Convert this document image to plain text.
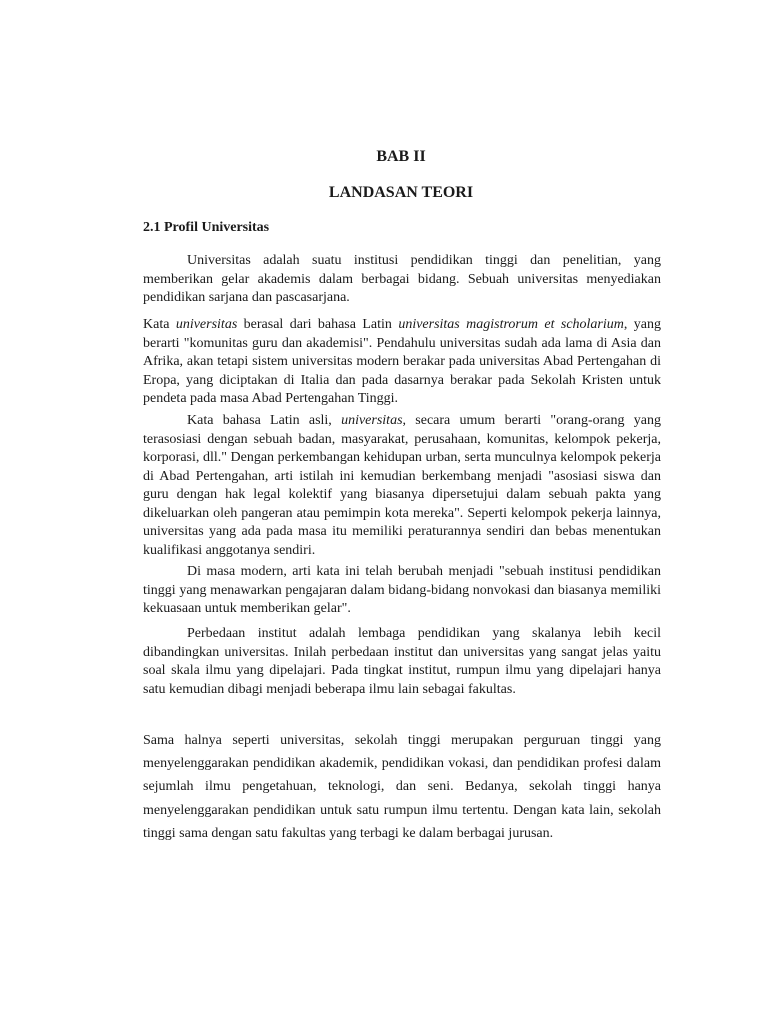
BAB II
LANDASAN TEORI
2.1 Profil Universitas

Universitas adalah suatu institusi pendidikan tinggi dan penelitian, yang memberikan gelar akademis dalam berbagai bidang. Sebuah universitas menyediakan pendidikan sarjana dan pascasarjana.

Kata universitas berasal dari bahasa Latin universitas magistrorum et scholarium, yang berarti "komunitas guru dan akademisi". Pendahulu universitas sudah ada lama di Asia dan Afrika, akan tetapi sistem universitas modern berakar pada universitas Abad Pertengahan di Eropa, yang diciptakan di Italia dan pada dasarnya berakar pada Sekolah Kristen untuk pendeta pada masa Abad Pertengahan Tinggi.

Kata bahasa Latin asli, universitas, secara umum berarti "orang-orang yang terasosiasi dengan sebuah badan, masyarakat, perusahaan, komunitas, kelompok pekerja, korporasi, dll." Dengan perkembangan kehidupan urban, serta munculnya kelompok pekerja di Abad Pertengahan, arti istilah ini kemudian berkembang menjadi "asosiasi siswa dan guru dengan hak legal kolektif yang biasanya dipersetujui dalam sebuah pakta yang dikeluarkan oleh pangeran atau pemimpin kota mereka". Seperti kelompok pekerja lainnya, universitas yang ada pada masa itu memiliki peraturannya sendiri dan bebas menentukan kualifikasi anggotanya sendiri.

Di masa modern, arti kata ini telah berubah menjadi "sebuah institusi pendidikan tinggi yang menawarkan pengajaran dalam bidang-bidang nonvokasi dan biasanya memiliki kekuasaan untuk memberikan gelar".

Perbedaan institut adalah lembaga pendidikan yang skalanya lebih kecil dibandingkan universitas. Inilah perbedaan institut dan universitas yang sangat jelas yaitu soal skala ilmu yang dipelajari. Pada tingkat institut, rumpun ilmu yang dipelajari hanya satu kemudian dibagi menjadi beberapa ilmu lain sebagai fakultas.

Sama halnya seperti universitas, sekolah tinggi merupakan perguruan tinggi yang menyelenggarakan pendidikan akademik, pendidikan vokasi, dan pendidikan profesi dalam sejumlah ilmu pengetahuan, teknologi, dan seni. Bedanya, sekolah tinggi hanya menyelenggarakan pendidikan untuk satu rumpun ilmu tertentu. Dengan kata lain, sekolah tinggi sama dengan satu fakultas yang terbagi ke dalam berbagai jurusan.
